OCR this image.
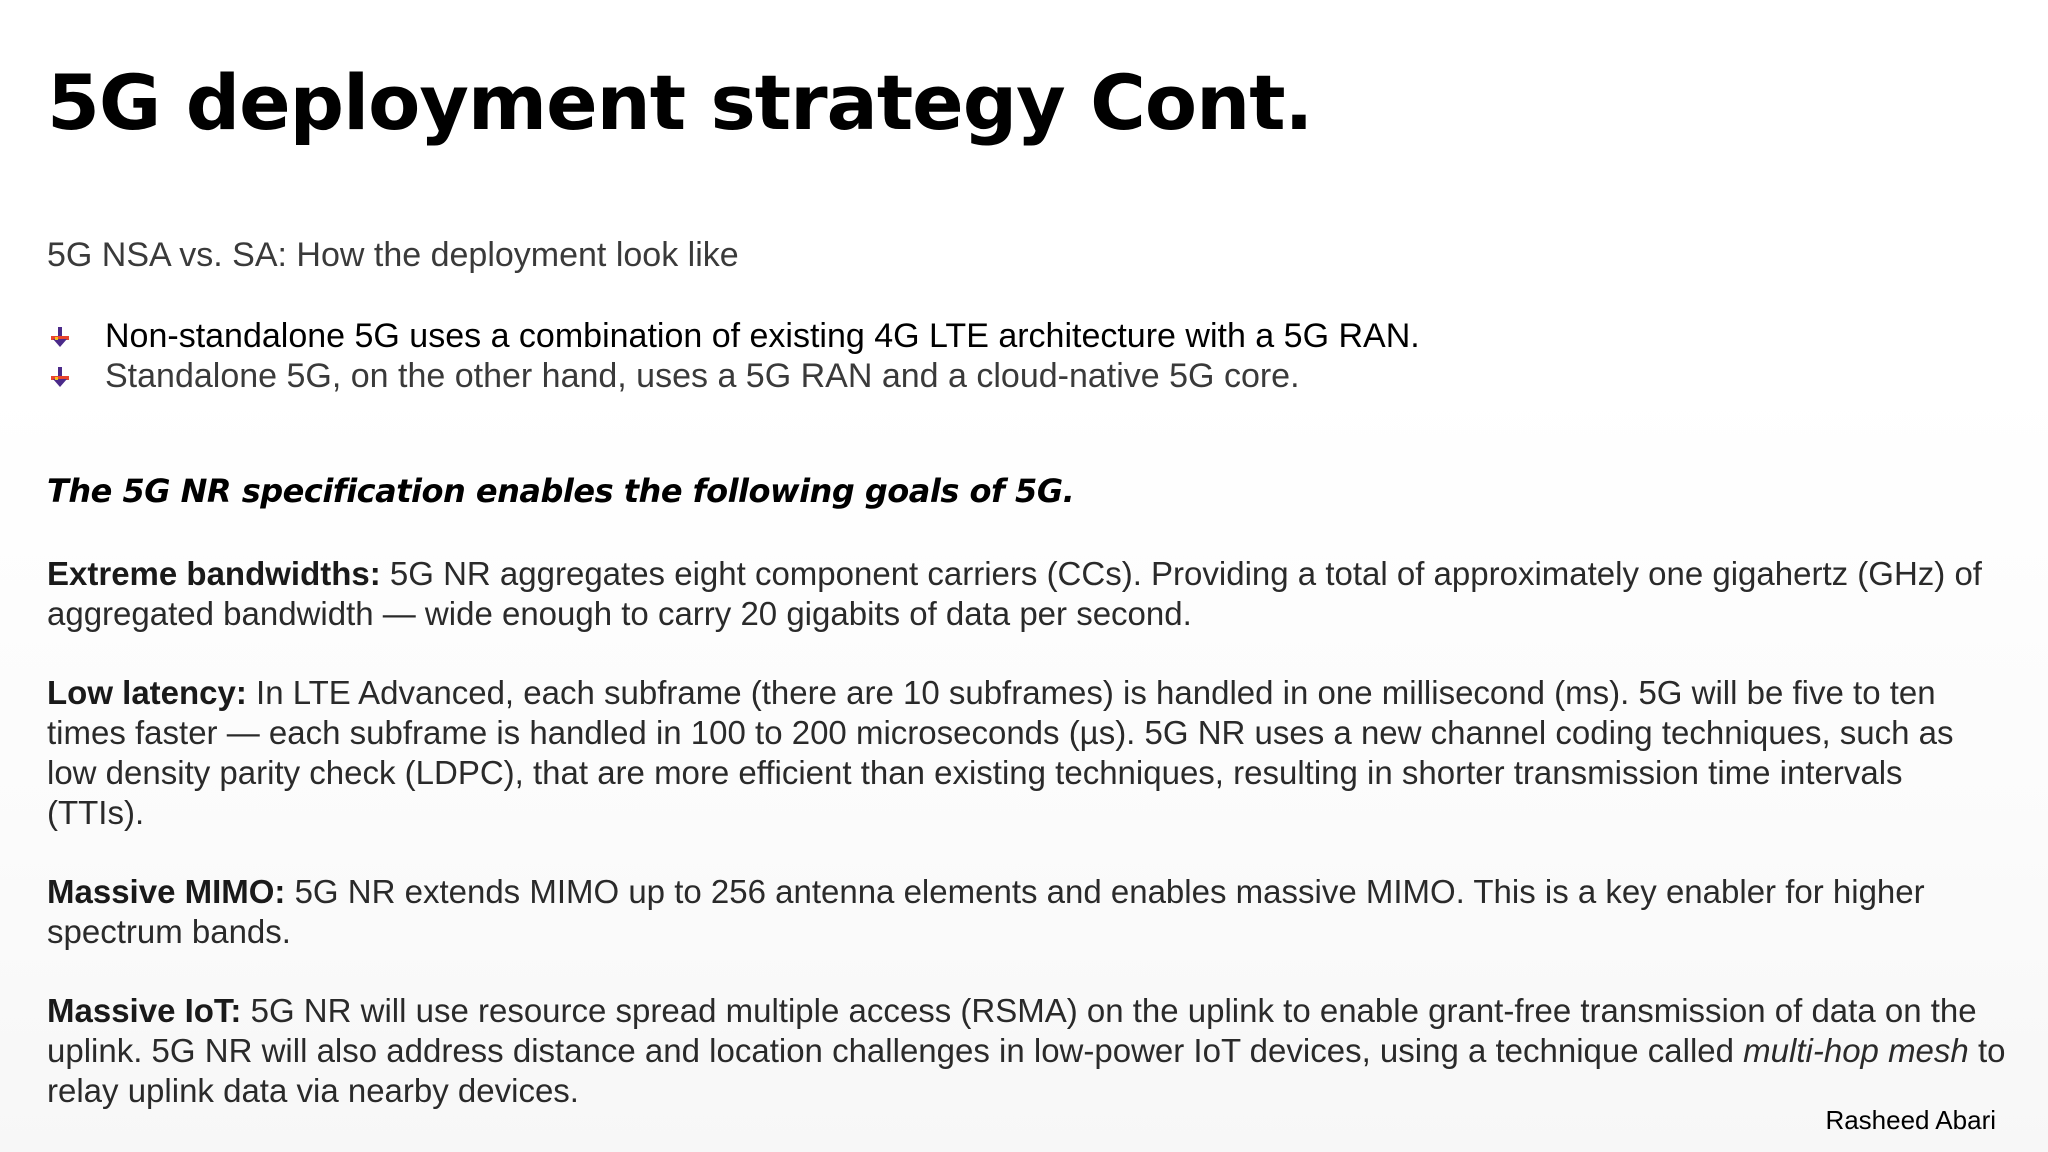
5G deployment strategy Cont.

5G NSA vs. SA: How the deployment look like

Non-standalone 5G uses a combination of existing 4G LTE architecture with a 5G RAN.
Standalone 5G, on the other hand, uses a 5G RAN and a cloud-native 5G core.
The 5G NR specification enables the following goals of 5G.

Extreme bandwidths: 5G NR aggregates eight component carriers (CCs). Providing a total of approximately one gigahertz (GHz) of aggregated bandwidth — wide enough to carry 20 gigabits of data per second.

Low latency: In LTE Advanced, each subframe (there are 10 subframes) is handled in one millisecond (ms). 5G will be five to ten times faster — each subframe is handled in 100 to 200 microseconds (µs). 5G NR uses a new channel coding techniques, such as low density parity check (LDPC), that are more efficient than existing techniques, resulting in shorter transmission time intervals (TTIs).

Massive MIMO: 5G NR extends MIMO up to 256 antenna elements and enables massive MIMO. This is a key enabler for higher spectrum bands.

Massive IoT: 5G NR will use resource spread multiple access (RSMA) on the uplink to enable grant-free transmission of data on the uplink. 5G NR will also address distance and location challenges in low-power IoT devices, using a technique called multi-hop mesh to relay uplink data via nearby devices.

Rasheed Abari
